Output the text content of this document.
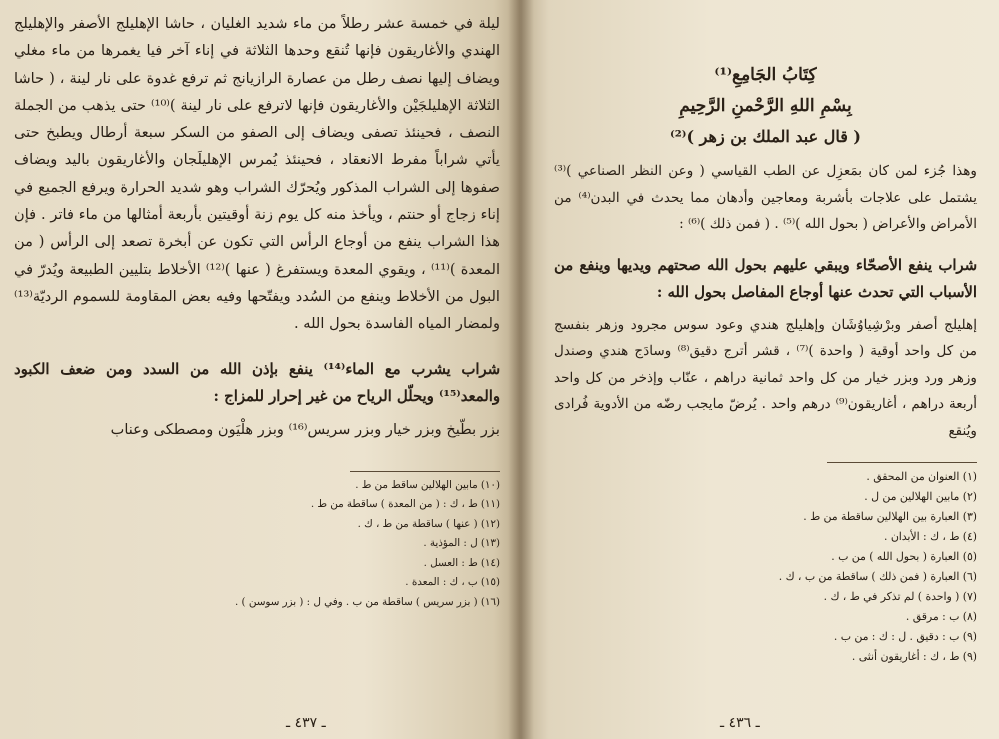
ليلة في خمسة عشر رطلاً من ماء شديد الغليان ، حاشا الإهليلج الأصفر والإهليلج الهندي والأغاريقون فإنها تُنقع وحدها الثلاثة في إناء آخر فيا يغمرها من ماء مغلي ويضاف إليها نصف رطل من عصارة الرازيانج ثم ترفع غدوة على نار لينة ، ( حاشا الثلاثة الإهليلجَيْن والأغاريقون فإنها لاترفع على نار لينة )⁽¹⁰⁾ حتى يذهب من الجملة النصف ، فحينئذ تصفى ويضاف إلى الصفو من السكر سبعة أرطال ويطبخ حتى يأتي شراباً مفرط الانعقاد ، فحينئذ يُمرس الإهليلَجان والأغاريقون باليد ويضاف صفوها إلى الشراب المذكور ويُحرّك الشراب وهو شديد الحرارة ويرفع الجميع في إناء زجاج أو حنتم ، ويأخذ منه كل يوم زنة أوقيتين بأربعة أمثالها من ماء فاتر . فإن هذا الشراب ينفع من أوجاع الرأس التي تكون عن أبخرة تصعد إلى الرأس ( من المعدة )⁽¹¹⁾ ، ويقوي المعدة ويستفرغ ( عنها )⁽¹²⁾ الأخلاط بتليين الطبيعة ويُدرّ في البول من الأخلاط وينفع من السُدد ويفتّحها وفيه بعض المقاومة للسموم الرديّة⁽¹³⁾ ولمضار المياه الفاسدة بحول الله .

شراب يشرب مع الماء⁽¹⁴⁾ ينفع بإذن الله من السدد ومن ضعف الكبود والمعد⁽¹⁵⁾ ويحلّل الرياح من غير إحرار للمزاج :

بزر بطّيخ وبزر خيار وبزر سريس⁽¹⁶⁾ وبزر هلْيَون ومصطكى وعناب

(١٠) مابين الهلالين ساقط من ط .
(١١) ط ، ك : ( من المعدة ) ساقطة من ط .
(١٢) ( عنها ) ساقطة من ط ، ك .
(١٣) ل : المؤذية .
(١٤) ط : العسل .
(١٥) ب ، ك : المعدة .
(١٦) ( بزر سريس ) ساقطة من ب . وفي ل : ( بزر سوسن ) .
ـ ٤٣٧ ـ
كِتَابُ الجَامِعِ⁽¹⁾
بِسْمِ اللهِ الرَّحْمنِ الرَّحِيمِ
( قال عبد الملك بن زهر )⁽²⁾

وهذا جُزء لمن كان بمَعزِل عن الطب القياسي ( وعن النظر الصناعي )⁽³⁾ يشتمل على علاجات بأشربة ومعاجين وأدهان مما يحدث في البدن⁽⁴⁾ من الأمراض والأعراض ( بحول الله )⁽⁵⁾ . ( فمن ذلك )⁽⁶⁾ :

شراب ينفع الأصحّاء ويبقي عليهم بحول الله صحتهم ويديها وينفع من الأسباب التي تحدث عنها أوجاع المفاصل بحول الله :

إهليلج أصفر وبرْشِياوُشَان وإهليلج هندي وعود سوس مجرود وزهر بنفسج من كل واحد أوقية ( واحدة )⁽⁷⁾ ، قشر أترج دقيق⁽⁸⁾ وسادَج هندي وصندل وزهر ورد وبزر خيار من كل واحد ثمانية دراهم ، عنّاب وإذخر من كل واحد أربعة دراهم ، أغاريقون⁽⁹⁾ درهم واحد . يُرضّ مايجب رضّه من الأدوية فُرادى ويُنقع

(١) العنوان من المحقق .
(٢) مابين الهلالين من ل .
(٣) العبارة بين الهلالين ساقطة من ط .
(٤) ط ، ك : الأبدان .
(٥) العبارة ( بحول الله ) من ب .
(٦) العبارة ( فمن ذلك ) ساقطة من ب ، ك .
(٧) ( واحدة ) لم تذكر في ط ، ك .
(٨) ب : مرقق .
(٩) ب : دقيق . ل : ك : من ب .
(٩) ط ، ك : أغاريقون أنثى .
ـ ٤٣٦ ـ
